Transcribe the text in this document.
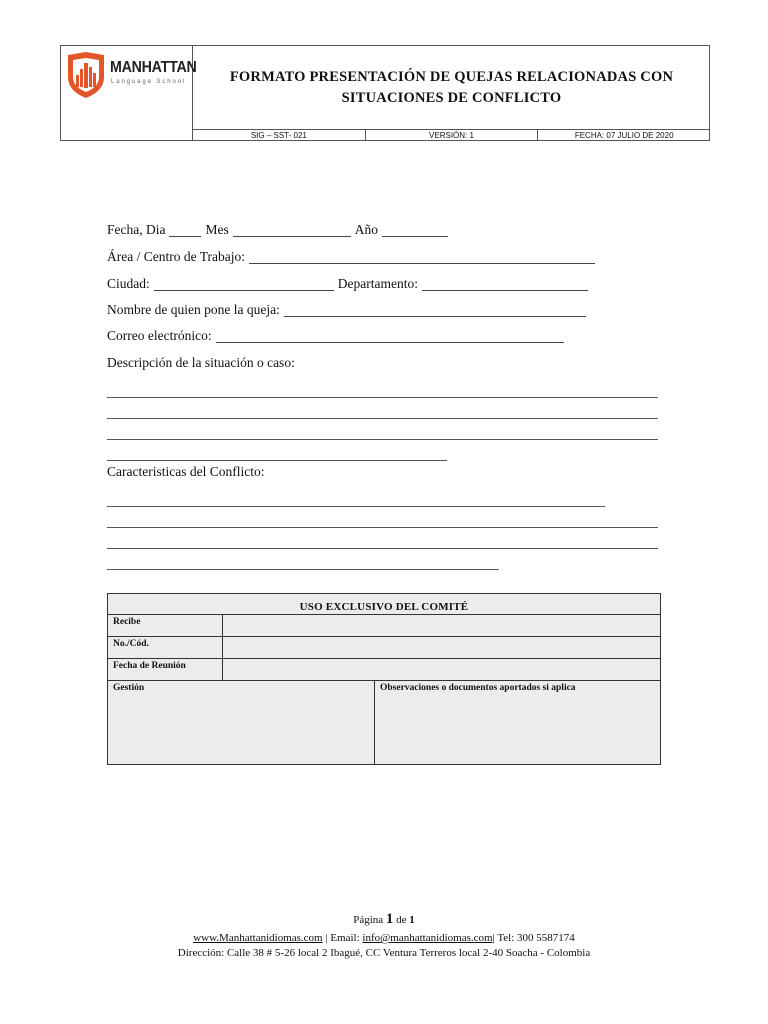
MANHATTAN
Language School	FORMATO PRESENTACIÓN DE QUEJAS RELACIONADAS CON SITUACIONES DE CONFLICTO
SIG – SST- 021	VERSIÓN: 1	FECHA: 07 JULIO DE 2020
Fecha, Dia	Mes	Año
Área / Centro de Trabajo:
Ciudad:	Departamento:
Nombre de quien pone la queja:
Correo electrónico:
Descripción de la situación o caso:
Caracteristicas del Conflicto:
USO EXCLUSIVO DEL COMITÉ
Recibe
No./Cód.
Fecha de Reunión
Gestión	Observaciones o documentos aportados si aplica
Página 1 de 1
www.Manhattanidiomas.com | Email: info@manhattanidiomas.com| Tel: 300 5587174
Dirección: Calle 38 # 5-26 local 2 Ibagué, CC Ventura Terreros local 2-40 Soacha - Colombia
